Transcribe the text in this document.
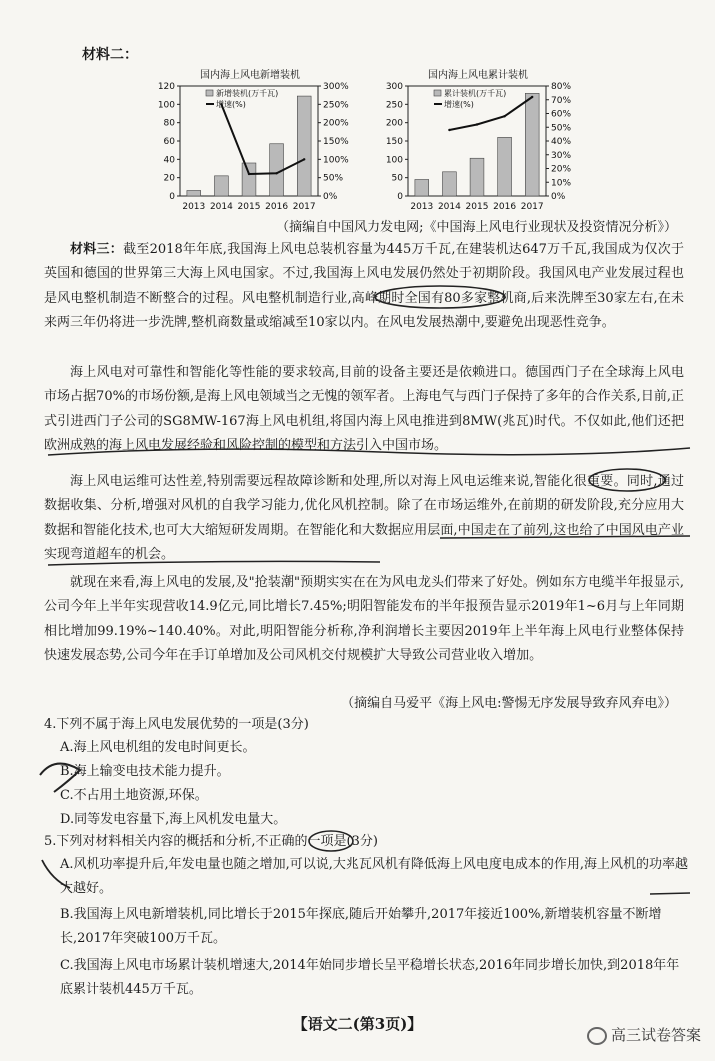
材料二：
国内海上风电新增装机
0
20
40
60
80
100
120
0%
50%
100%
150%
200%
250%
300%
2013 2014 2015 2016 2017
新增装机(万千瓦)
增速(%)
国内海上风电累计装机
0
50
100
150
200
250
300
0%
10%
20%
30%
40%
50%
60%
70%
80%
2013 2014 2015 2016 2017
累计装机(万千瓦)
增速(%)
（摘编自中国风力发电网;《中国海上风电行业现状及投资情况分析》）

材料三：截至2018年年底,我国海上风电总装机容量为445万千瓦,在建装机达647万千瓦,我国成为仅次于英国和德国的世界第三大海上风电国家。不过,我国海上风电发展仍然处于初期阶段。我国风电产业发展过程也是风电整机制造不断整合的过程。风电整机制造行业,高峰期时全国有80多家整机商,后来洗牌至30家左右,在未来两三年仍将进一步洗牌,整机商数量或缩减至10家以内。在风电发展热潮中,要避免出现恶性竞争。

海上风电对可靠性和智能化等性能的要求较高,目前的设备主要还是依赖进口。德国西门子在全球海上风电市场占据70%的市场份额,是海上风电领域当之无愧的领军者。上海电气与西门子保持了多年的合作关系,日前,正式引进西门子公司的SG8MW-167海上风电机组,将国内海上风电推进到8MW(兆瓦)时代。不仅如此,他们还把欧洲成熟的海上风电发展经验和风险控制的模型和方法引入中国市场。

海上风电运维可达性差,特别需要远程故障诊断和处理,所以对海上风电运维来说,智能化很重要。同时,通过数据收集、分析,增强对风机的自我学习能力,优化风机控制。除了在市场运维外,在前期的研发阶段,充分应用大数据和智能化技术,也可大大缩短研发周期。在智能化和大数据应用层面,中国走在了前列,这也给了中国风电产业实现弯道超车的机会。

就现在来看,海上风电的发展,及"抢装潮"预期实实在在为风电龙头们带来了好处。例如东方电缆半年报显示,公司今年上半年实现营收14.9亿元,同比增长7.45%;明阳智能发布的半年报预告显示2019年1~6月与上年同期相比增加99.19%~140.40%。对此,明阳智能分析称,净利润增长主要因2019年上半年海上风电行业整体保持快速发展态势,公司今年在手订单增加及公司风机交付规模扩大导致公司营业收入增加。

（摘编自马爱平《海上风电:警惕无序发展导致弃风弃电》）

4.下列不属于海上风电发展优势的一项是(3分)

A.海上风电机组的发电时间更长。

B.海上输变电技术能力提升。

C.不占用土地资源,环保。

D.同等发电容量下,海上风机发电量大。

5.下列对材料相关内容的概括和分析,不正确的一项是(3分)

A.风机功率提升后,年发电量也随之增加,可以说,大兆瓦风机有降低海上风电度电成本的作用,海上风机的功率越大越好。

B.我国海上风电新增装机,同比增长于2015年探底,随后开始攀升,2017年接近100%,新增装机容量不断增长,2017年突破100万千瓦。

C.我国海上风电市场累计装机增速大,2014年始同步增长呈平稳增长状态,2016年同步增长加快,到2018年年底累计装机445万千瓦。

【语文二(第3页)】
高三试卷答案
